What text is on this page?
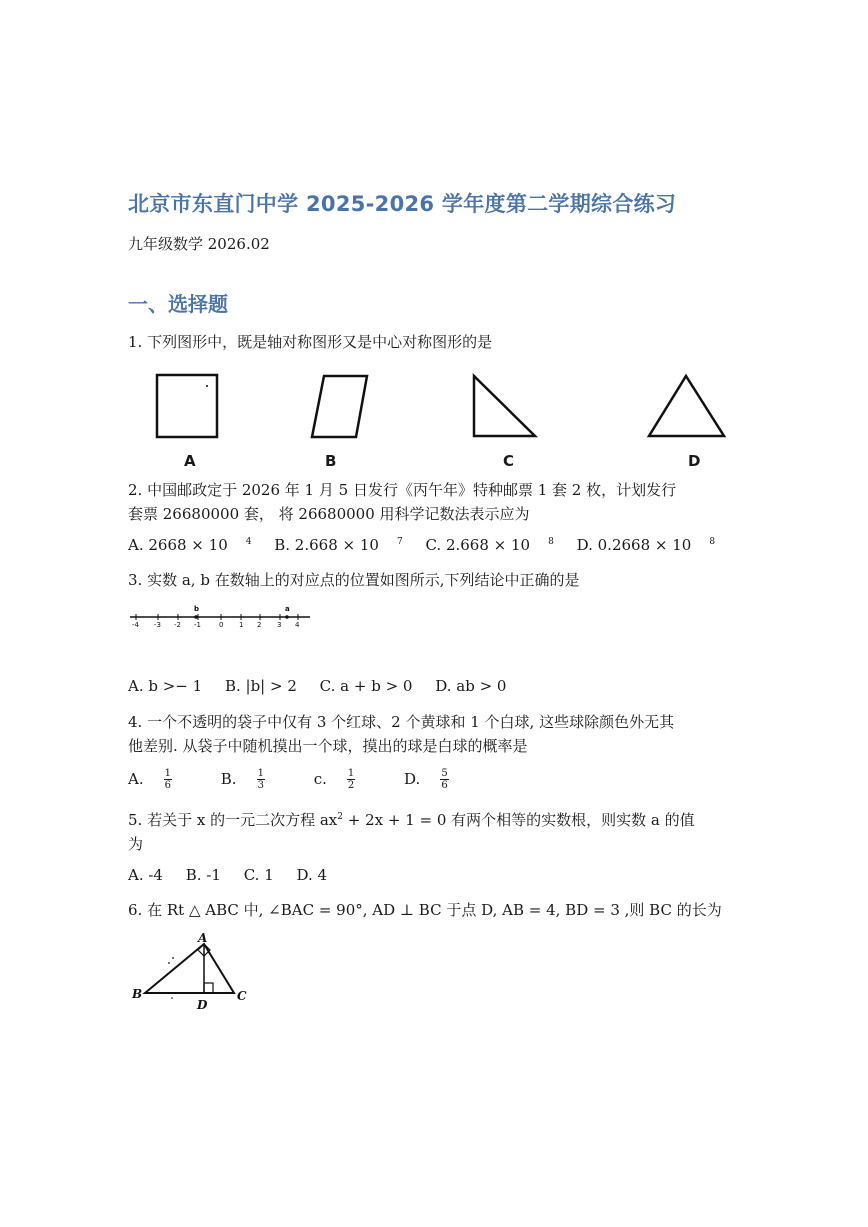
北京市东直门中学 2025-2026 学年度第二学期综合练习
九年级数学 2026.02
一、选择题
1. 下列图形中，既是轴对称图形又是中心对称图形的是
A	B	C	D
2. 中国邮政定于 2026 年 1 月 5 日发行《丙午年》特种邮票 1 套 2 枚，计划发行
套票 26680000 套， 将 26680000 用科学记数法表示应为
A. 2668 × 10 $^4$ B. 2.668 × 10 $^7$ C. 2.668 × 10 $^8$ D. 0.2668 × 10 $^8$
3. 实数 a, b 在数轴上的对应点的位置如图所示,下列结论中正确的是
-4 -3 -2 -1	0 1 2 3 4
b	a
A. b >− 1 B. |b| > 2 C. a + b > 0 D. ab > 0
4. 一个不透明的袋子中仅有 3 个红球、2 个黄球和 1 个白球, 这些球除颜色外无其
他差别. 从袋子中随机摸出一个球，摸出的球是白球的概率是
A. $\frac{1}{6} B$. $\frac{1}{3} c$. $\frac{1}{2} D$. $\frac{5}{6}$
5. 若关于 x 的一元二次方程 $ax^2 + 2x + 1 = 0$ 有两个相等的实数根，则实数 a 的值
为
A. -4 B. -1 C. 1 D. 4
6. 在 Rt △ ABC 中, ∠BAC = 90°, AD ⊥ BC 于点 D, AB = 4, BD = 3 ,则 BC 的长为
A
B	C
D
